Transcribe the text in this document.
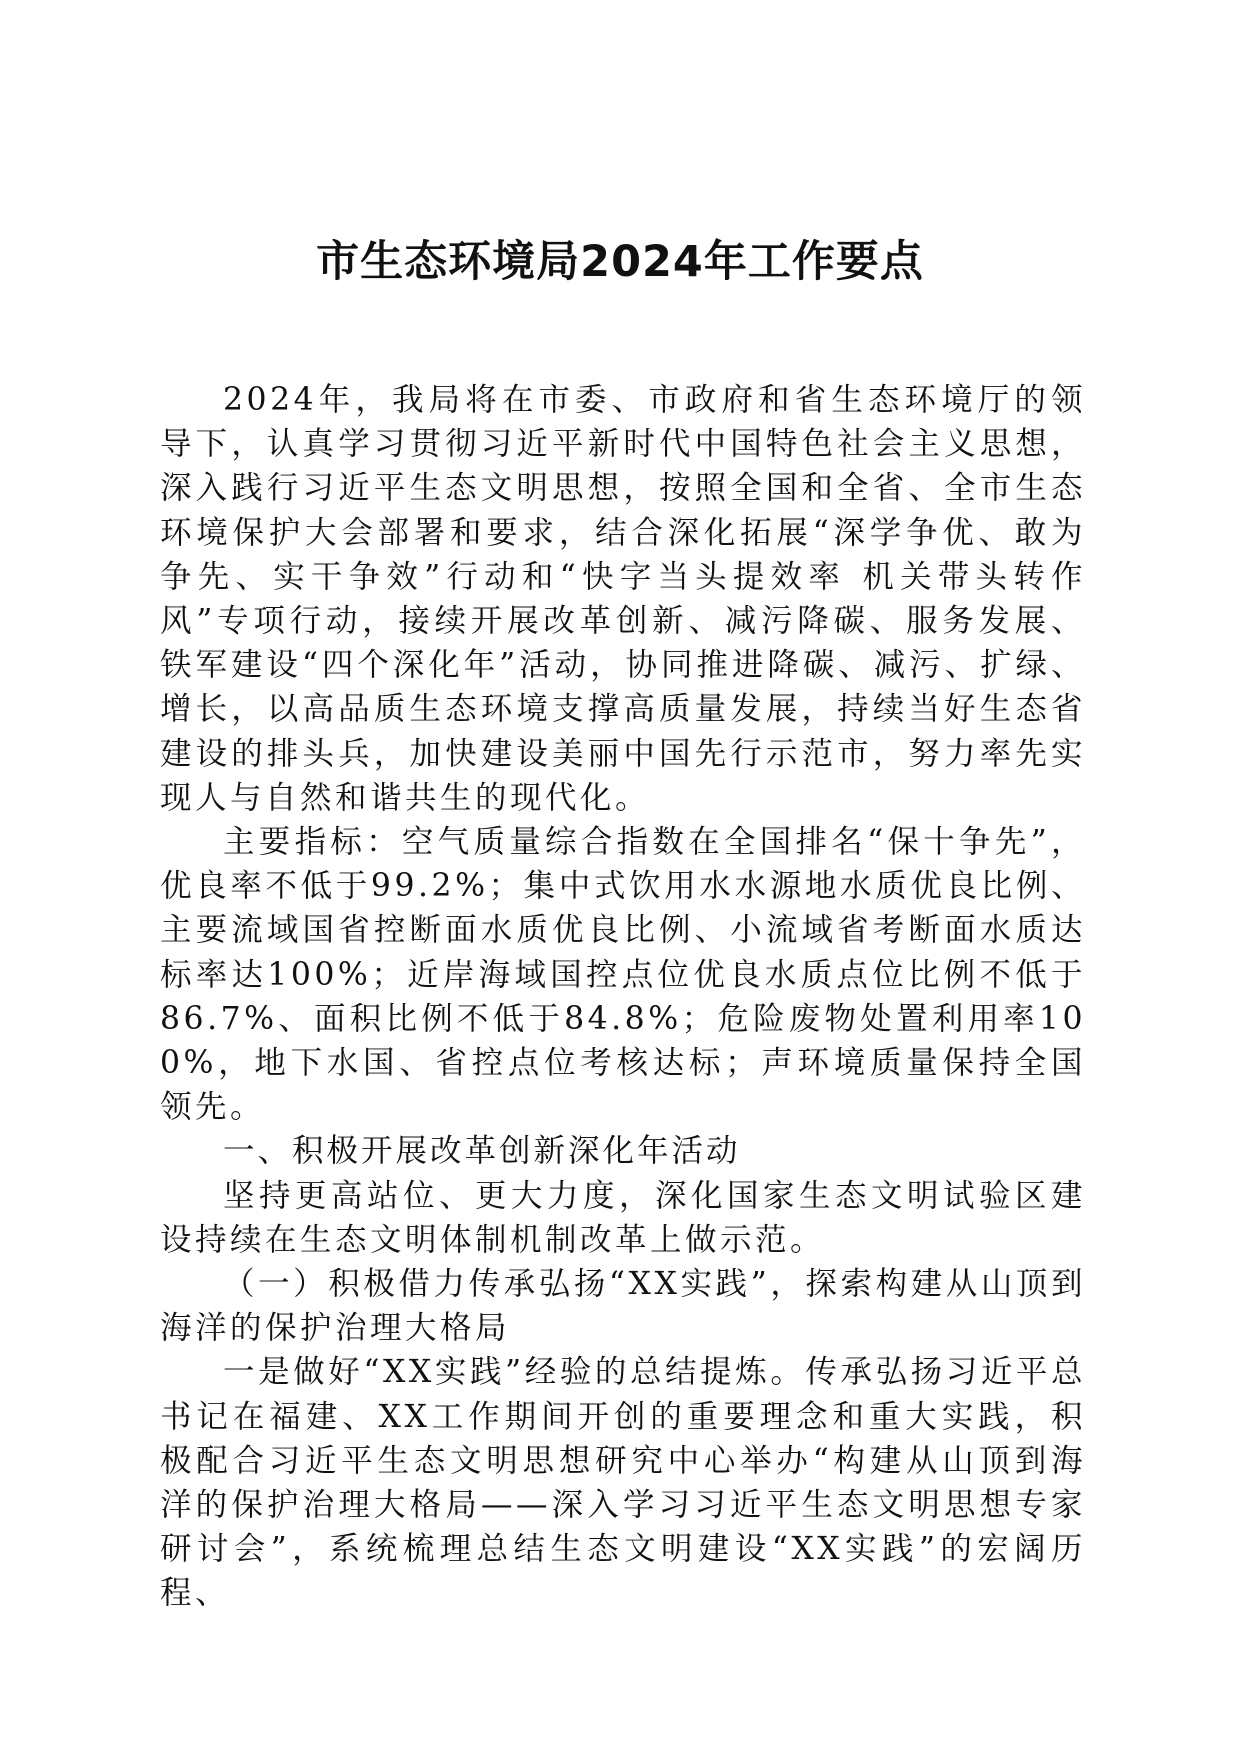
市生态环境局2024年工作要点

2024年，我局将在市委、市政府和省生态环境厅的领导下，认真学习贯彻习近平新时代中国特色社会主义思想，深入践行习近平生态文明思想，按照全国和全省、全市生态环境保护大会部署和要求，结合深化拓展“深学争优、敢为争先、实干争效”行动和“快字当头提效率 机关带头转作风”专项行动，接续开展改革创新、减污降碳、服务发展、铁军建设“四个深化年”活动，协同推进降碳、减污、扩绿、增长，以高品质生态环境支撑高质量发展，持续当好生态省建设的排头兵，加快建设美丽中国先行示范市，努力率先实现人与自然和谐共生的现代化。

主要指标：空气质量综合指数在全国排名“保十争先”，优良率不低于99.2%；集中式饮用水水源地水质优良比例、主要流域国省控断面水质优良比例、小流域省考断面水质达标率达100%；近岸海域国控点位优良水质点位比例不低于86.7%、面积比例不低于84.8%；危险废物处置利用率100%，地下水国、省控点位考核达标；声环境质量保持全国领先。

一、积极开展改革创新深化年活动

坚持更高站位、更大力度，深化国家生态文明试验区建设持续在生态文明体制机制改革上做示范。

（一）积极借力传承弘扬“XX实践”，探索构建从山顶到海洋的保护治理大格局

一是做好“XX实践”经验的总结提炼。传承弘扬习近平总书记在福建、XX工作期间开创的重要理念和重大实践，积极配合习近平生态文明思想研究中心举办“构建从山顶到海洋的保护治理大格局——深入学习习近平生态文明思想专家研讨会”，系统梳理总结生态文明建设“XX实践”的宏阔历程、
